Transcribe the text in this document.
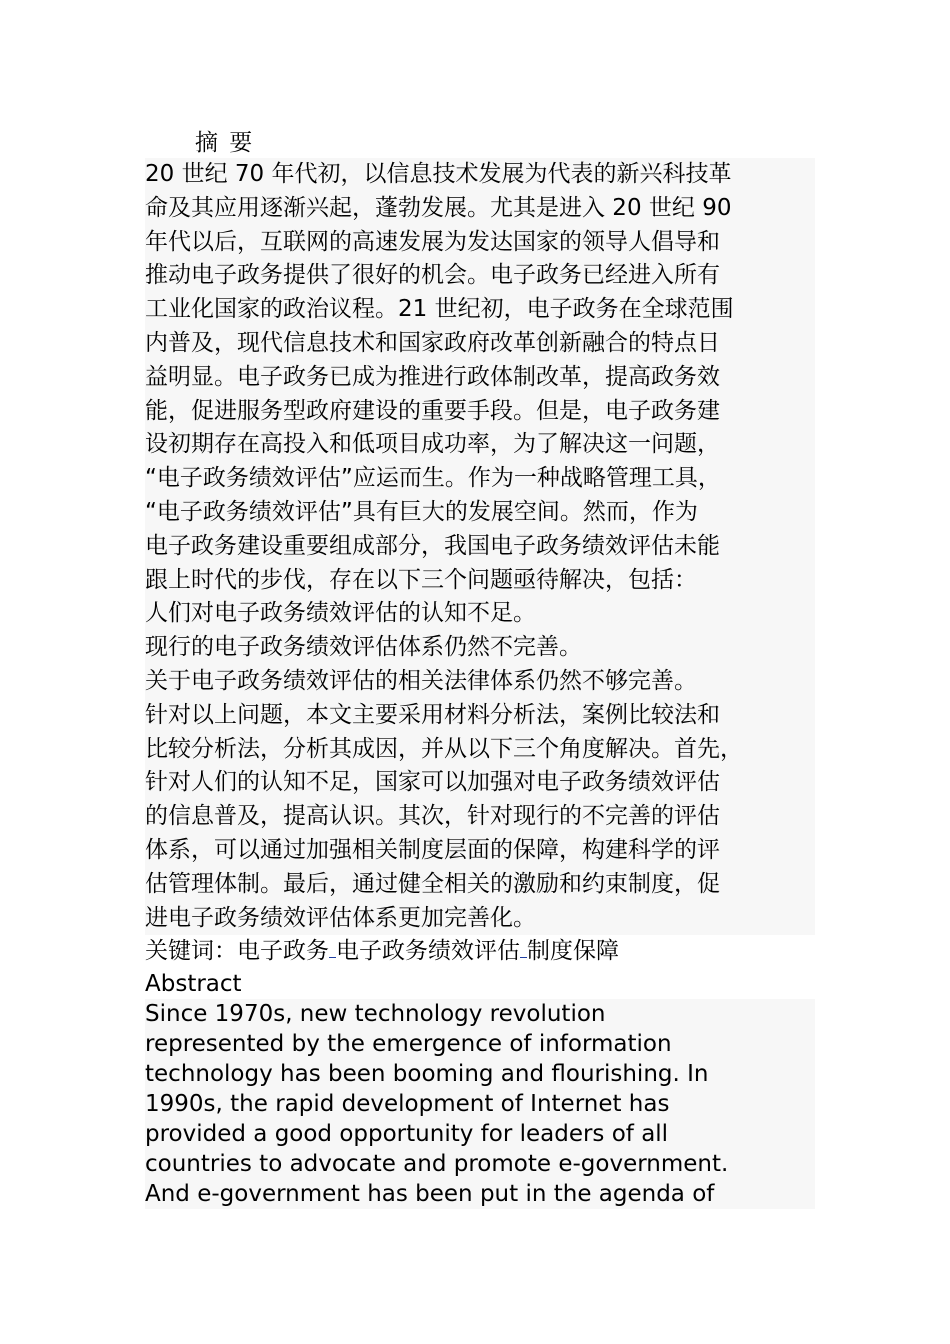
摘 要

20 世纪 70 年代初，以信息技术发展为代表的新兴科技革
命及其应用逐渐兴起，蓬勃发展。尤其是进入 20 世纪 90
年代以后，互联网的高速发展为发达国家的领导人倡导和
推动电子政务提供了很好的机会。电子政务已经进入所有
工业化国家的政治议程。21 世纪初，电子政务在全球范围
内普及，现代信息技术和国家政府改革创新融合的特点日
益明显。电子政务已成为推进行政体制改革，提高政务效
能，促进服务型政府建设的重要手段。但是，电子政务建
设初期存在高投入和低项目成功率，为了解决这一问题，
“电子政务绩效评估”应运而生。作为一种战略管理工具，
“电子政务绩效评估”具有巨大的发展空间。然而，作为
电子政务建设重要组成部分，我国电子政务绩效评估未能
跟上时代的步伐，存在以下三个问题亟待解决，包括：
人们对电子政务绩效评估的认知不足。
现行的电子政务绩效评估体系仍然不完善。
关于电子政务绩效评估的相关法律体系仍然不够完善。
针对以上问题，本文主要采用材料分析法，案例比较法和
比较分析法，分析其成因，并从以下三个角度解决。首先，
针对人们的认知不足，国家可以加强对电子政务绩效评估
的信息普及，提高认识。其次，针对现行的不完善的评估
体系，可以通过加强相关制度层面的保障，构建科学的评
估管理体制。最后，通过健全相关的激励和约束制度，促
进电子政务绩效评估体系更加完善化。

关键词：电子政务 电子政务绩效评估 制度保障

Abstract

Since 1970s, new technology revolution
represented by the emergence of information
technology has been booming and flourishing. In
1990s, the rapid development of Internet has
provided a good opportunity for leaders of all
countries to advocate and promote e-government.
And e-government has been put in the agenda of
